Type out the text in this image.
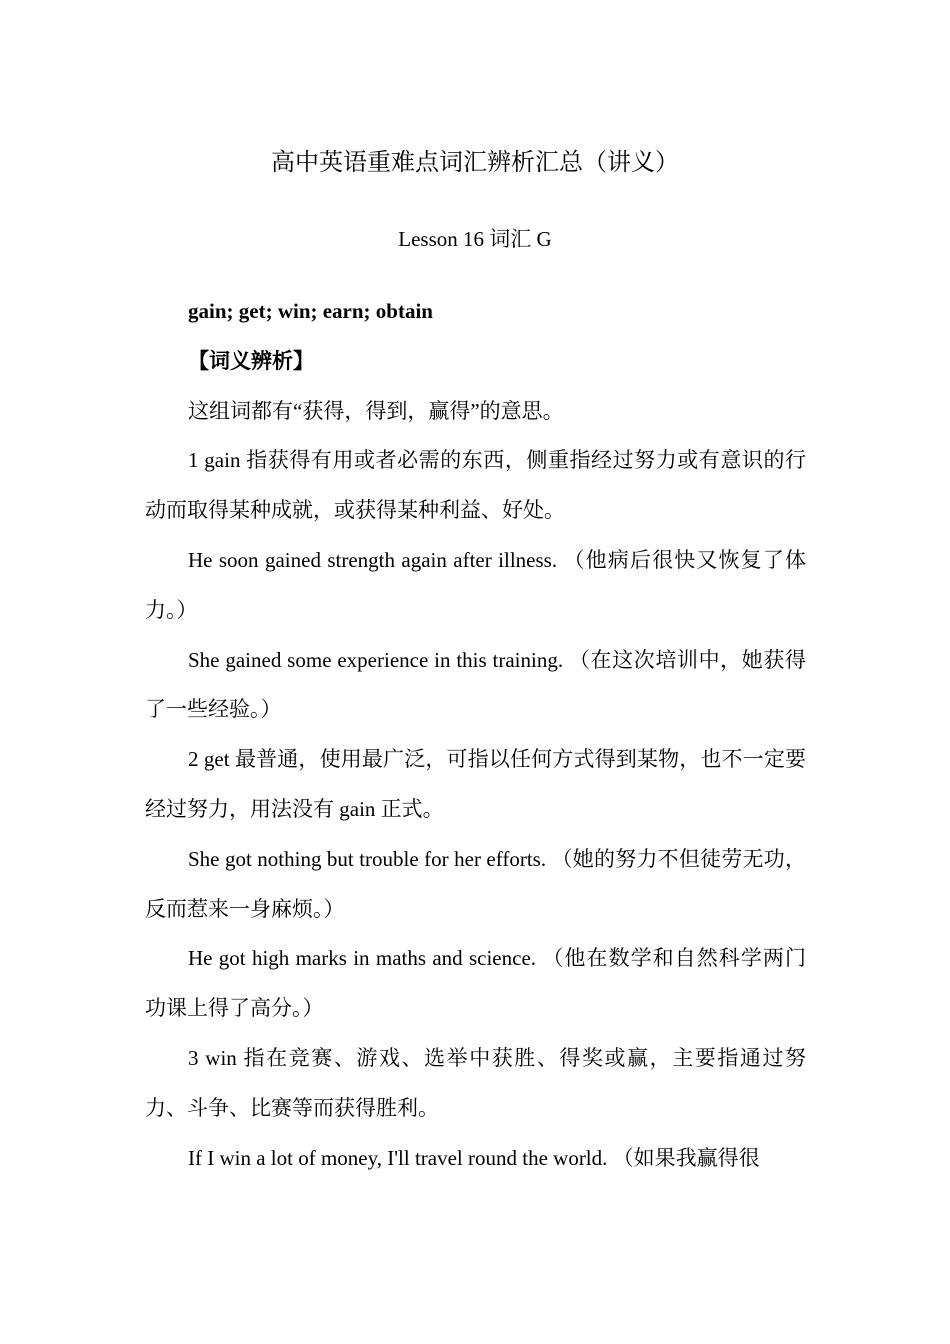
高中英语重难点词汇辨析汇总（讲义）
Lesson 16 词汇 G

gain; get; win; earn; obtain

【词义辨析】

这组词都有“获得，得到，赢得”的意思。

1 gain 指获得有用或者必需的东西，侧重指经过努力或有意识的行动而取得某种成就，或获得某种利益、好处。

He soon gained strength again after illness. （他病后很快又恢复了体力。）

She gained some experience in this training. （在这次培训中，她获得了一些经验。）

2 get 最普通，使用最广泛，可指以任何方式得到某物，也不一定要经过努力，用法没有 gain 正式。

She got nothing but trouble for her efforts. （她的努力不但徒劳无功，反而惹来一身麻烦。）

He got high marks in maths and science. （他在数学和自然科学两门功课上得了高分。）

3 win 指在竞赛、游戏、选举中获胜、得奖或赢，主要指通过努力、斗争、比赛等而获得胜利。

If I win a lot of money, I'll travel round the world. （如果我赢得很
